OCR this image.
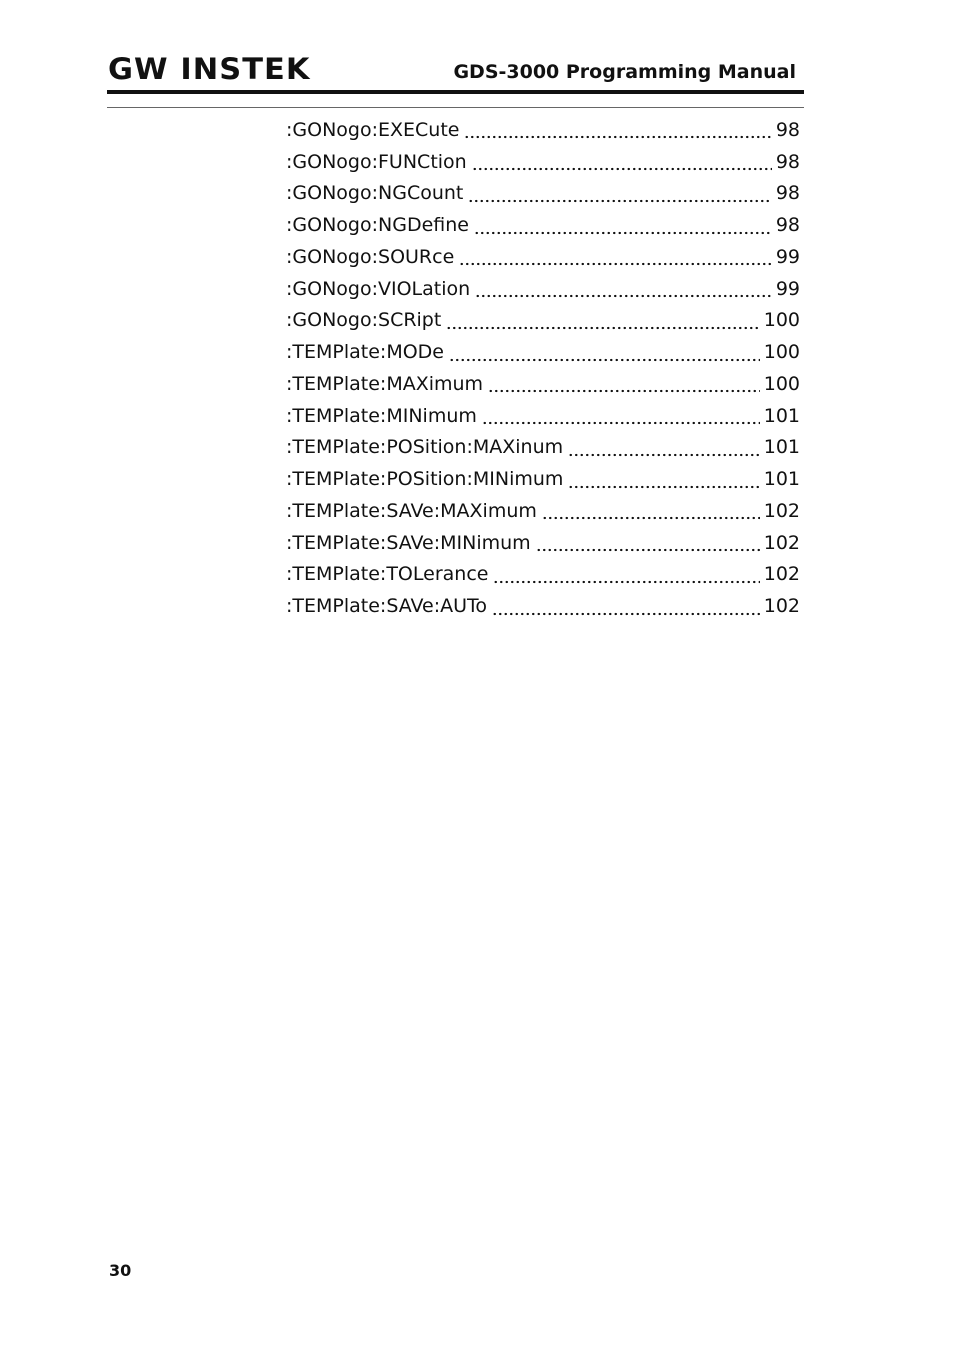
GW INSTEK	GDS-3000 Programming Manual
:GONogo:EXECute	98
:GONogo:FUNCtion	98
:GONogo:NGCount	98
:GONogo:NGDefine	98
:GONogo:SOURce	99
:GONogo:VIOLation	99
:GONogo:SCRipt	100
:TEMPlate:MODe	100
:TEMPlate:MAXimum	100
:TEMPlate:MINimum	101
:TEMPlate:POSition:MAXinum	101
:TEMPlate:POSition:MINimum	101
:TEMPlate:SAVe:MAXimum	102
:TEMPlate:SAVe:MINimum	102
:TEMPlate:TOLerance	102
:TEMPlate:SAVe:AUTo	102
30
